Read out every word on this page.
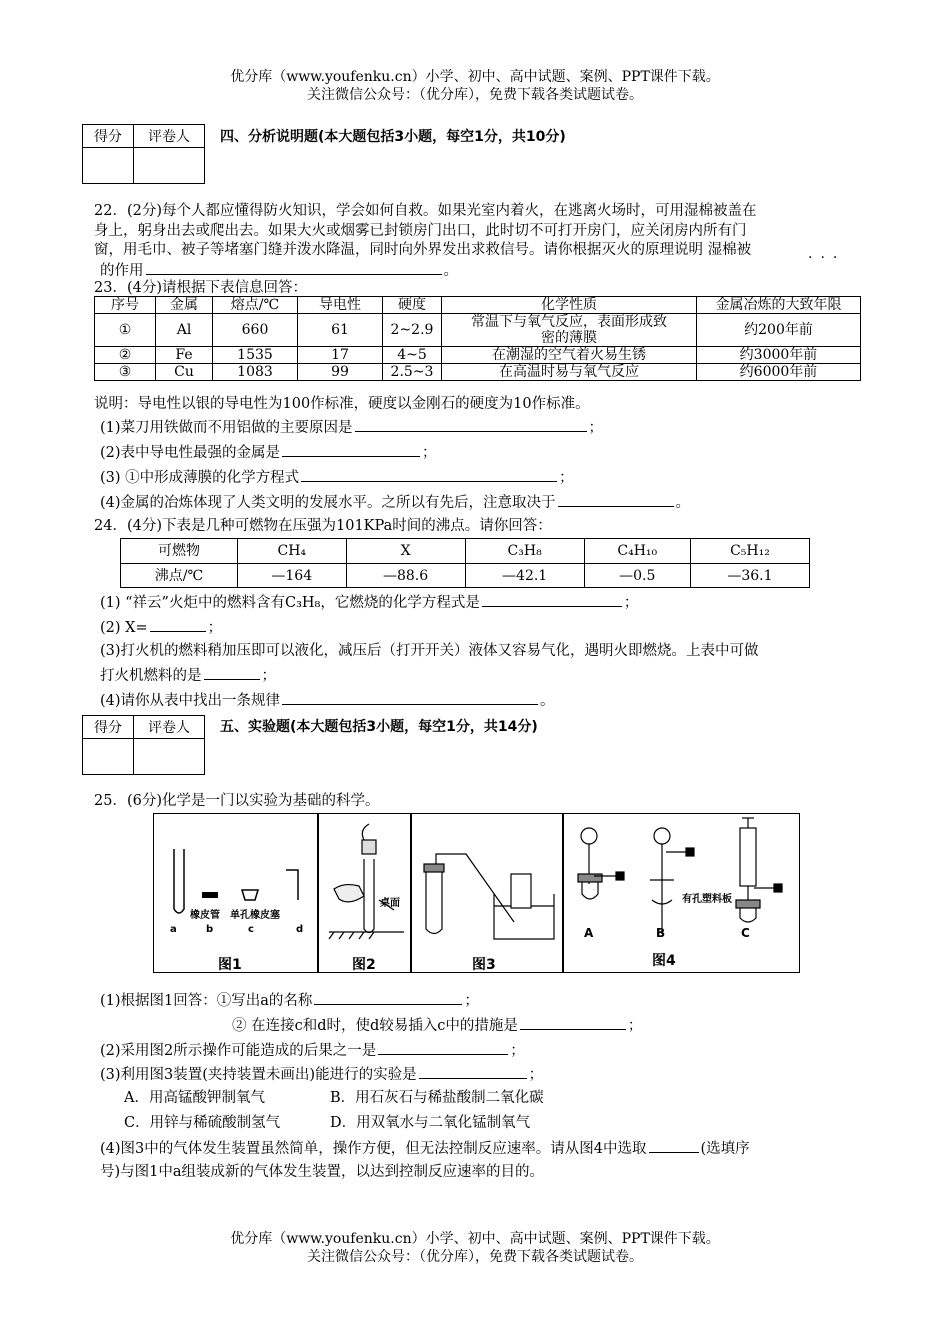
优分库（www.youfenku.cn）小学、初中、高中试题、案例、PPT课件下载。
关注微信公众号：（优分库），免费下载各类试题试卷。
得分	评卷人
	四、分析说明题(本大题包括3小题，每空1分，共10分)
22．(2分)每个人都应懂得防火知识，学会如何自救。如果光室内着火，在逃离火场时，可用湿棉被盖在
身上，躬身出去或爬出去。如果大火或烟雾已封锁房门出口，此时切不可打开房门，应关闭房内所有门
窗，用毛巾、被子等堵塞门缝并泼水降温，同时向外界发出求救信号。请你根据灭火的原理说明 湿棉被	···
的作用	。
23．(4分)请根据下表信息回答：
序号	金属	熔点/℃	导电性	硬度	化学性质	金属冶炼的大致年限
①	Al	660	61	2~2.9	常温下与氧气反应，表面形成致
密的薄膜	约200年前
②	Fe	1535	17	4~5	在潮湿的空气着火易生锈	约3000年前
③	Cu	1083	99	2.5~3	在高温时易与氧气反应	约6000年前
说明：导电性以银的导电性为100作标准，硬度以金刚石的硬度为10作标准。
(1)菜刀用铁做而不用铝做的主要原因是	；
(2)表中导电性最强的金属是	；
(3) ①中形成薄膜的化学方程式	；
(4)金属的冶炼体现了人类文明的发展水平。之所以有先后，注意取决于	。
24．(4分)下表是几种可燃物在压强为101KPa时间的沸点。请你回答：
可燃物	CH₄	X	C₃H₈	C₄H₁₀	C₅H₁₂
沸点/℃	—164	—88.6	—42.1	—0.5	—36.1
(1) “祥云”火炬中的燃料含有C₃H₈，它燃烧的化学方程式是	；
(2) X=	；
(3)打火机的燃料稍加压即可以液化，减压后（打开开关）液体又容易气化，遇明火即燃烧。上表中可做
打火机燃料的是	；
(4)请你从表中找出一条规律	。
得分	评卷人
	五、实验题(本大题包括3小题，每空1分，共14分)
25．(6分)化学是一门以实验为基础的科学。
a	b	c	d
橡皮管 单孔橡皮塞
桌面	有孔塑料板
A	B	C
图1	图2	图3	图4
(1)根据图1回答：①写出a的名称	；
② 在连接c和d时，使d较易插入c中的措施是	；
(2)采用图2所示操作可能造成的后果之一是	；
(3)利用图3装置(夹持装置未画出)能进行的实验是	；
A．用高锰酸钾制氧气	B．用石灰石与稀盐酸制二氧化碳
C．用锌与稀硫酸制氢气	D．用双氧水与二氧化锰制氧气
(4)图3中的气体发生装置虽然简单，操作方便，但无法控制反应速率。请从图4中选取	(选填序
号)与图1中a组装成新的气体发生装置，以达到控制反应速率的目的。
优分库（www.youfenku.cn）小学、初中、高中试题、案例、PPT课件下载。
关注微信公众号：（优分库），免费下载各类试题试卷。
